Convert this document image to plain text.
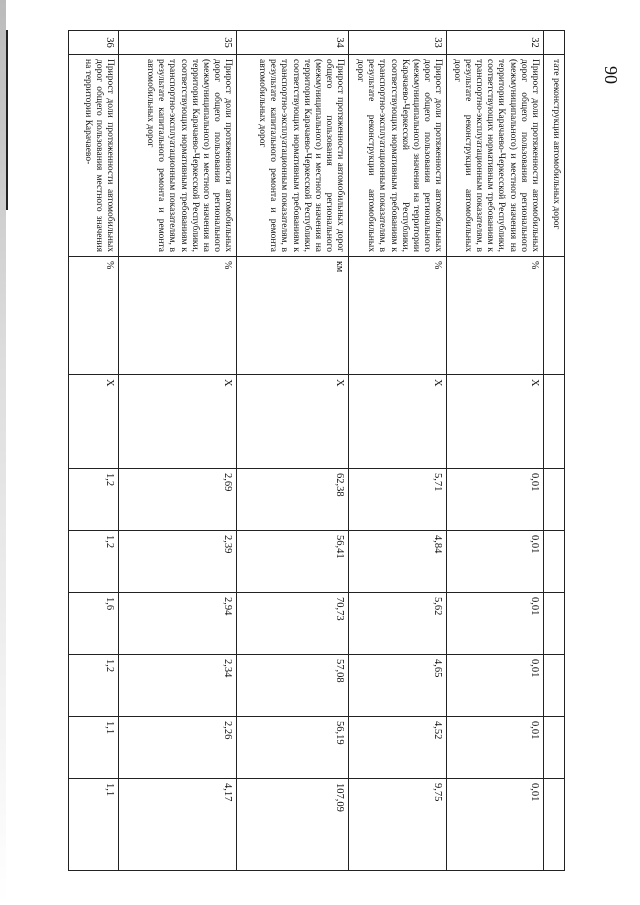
90
	тате реконструкции автомобильных дорог								
32	Прирост доли протяженности автомобильных дорог общего пользования регионального (межмуниципального) и местного значения на территории Карачаево-Черкесской Республики, соответствующих нормативным требованиям к транспортно-эксплуатационным показателям, в результате реконструкции автомобильных дорог	%	X	0,01	0,01	0,01	0,01	0,01	0,01
33	Прирост доли протяженности автомобильных дорог общего пользования регионального (межмуниципального) значения на территории Карачаево-Черкесской Республики, соответствующих нормативным требованиям к транспортно-эксплуатационным показателям, в результате реконструкции автомобильных дорог	%	X	5,71	4,84	5,62	4,65	4,52	9,75
34	Прирост протяженности автомобильных дорог общего пользования регионального (межмуниципального) и местного значения на территории Карачаево-Черкесской Республики, соответствующих нормативным требованиям к транспортно-эксплуатационным показателям, в результате капитального ремонта и ремонта автомобильных дорог	км	X	62,38	56,41	70,73	57,08	56,19	107,09
35	Прирост доли протяженности автомобильных дорог общего пользования регионального (межмуниципального) и местного значения на территории Карачаево-Черкесской Республики, соответствующих нормативным требованиям к транспортно-эксплуатационным показателям, в результате капитального ремонта и ремонта автомобильных дорог	%	X	2,69	2,39	2,94	2,34	2,26	4,17
36	Прирост доли протяженности автомобильных дорог общего пользования местного значения на территории Карачаево-	%	X	1,2	1,2	1,6	1,2	1,1	1,1
